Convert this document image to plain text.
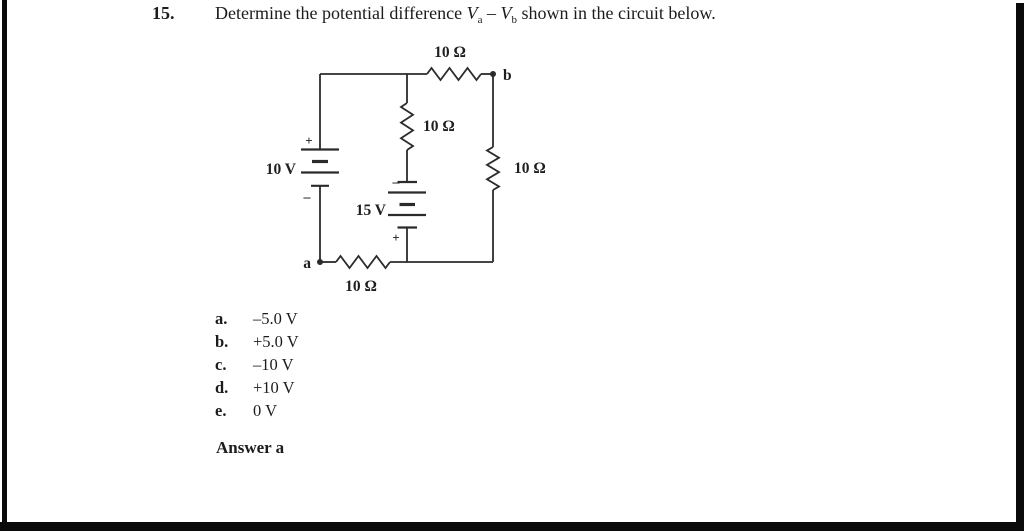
15. Determine the potential difference $V_a - V_b$ shown in the circuit below.
10 Ω
10 Ω
10 Ω
10 Ω
10 V
15 V
+
–
–
+
b
a
a.	–5.0 V
b.	+5.0 V
c.	–10 V
d.	+10 V
e.	0 V
Answer a
